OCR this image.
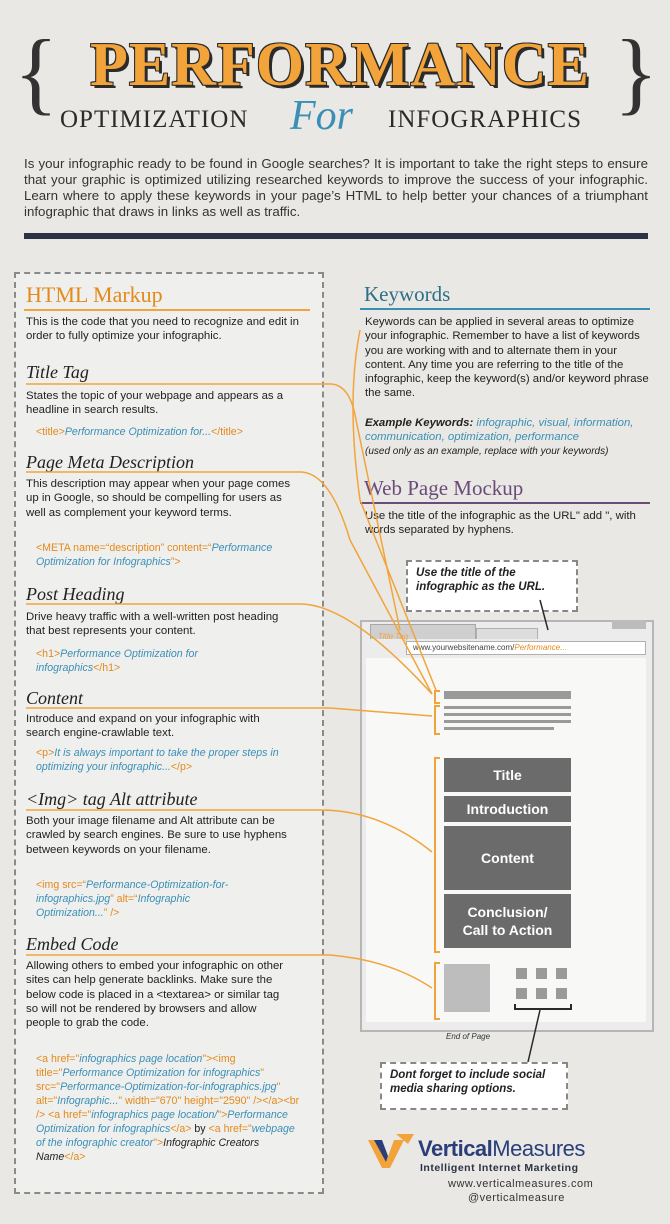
{	}
PERFORMANCE
OPTIMIZATION For INFOGRAPHICS
Is your infographic ready to be found in Google searches? It is important to take the right steps to ensure that your graphic is optimized utilizing researched keywords to improve the success of your infographic. Learn where to apply these keywords in your page’s HTML to help better your chances of a triumphant infographic that draws in links as well as traffic.
HTML Markup
This is the code that you need to recognize and edit in order to fully optimize your infographic.
Title Tag
States the topic of your webpage and appears as a headline in search results.
<title>Performance Optimization for...</title>
Page Meta Description
This description may appear when your page comes up in Google, so should be compelling for users as well as complement your keyword terms.
<META name=“description” content=“Performance Optimization for Infographics”>
Post Heading
Drive heavy traffic with a well-written post heading that best represents your content.
<h1>Performance Optimization for infographics</h1>
Content
Introduce and expand on your infographic with search engine-crawlable text.
<p>It is always important to take the proper steps in optimizing your infographic...</p>
<Img> tag Alt attribute
Both your image filename and Alt attribute can be crawled by search engines. Be sure to use hyphens between keywords on your filename.
<img src=“Performance-Optimization-for-infographics.jpg” alt=“Infographic Optimization...” />
Embed Code
Allowing others to embed your infographic on other sites can help generate backlinks. Make sure the below code is placed in a <textarea> or similar tag so will not be rendered by browsers and allow people to grab the code.
<a href="infographics page location"><img title="Performance Optimization for infographics" src="Performance-Optimization-for-infographics.jpg" alt="Infographic..." width="670" height="2590" /></a><br /> <a href="infographics page location/">Performance Optimization for infographics</a> by <a href="webpage of the infographic creator">Infographic Creators Name</a>
Keywords
Keywords can be applied in several areas to optimize your infographic. Remember to have a list of keywords you are working with and to alternate them in your content. Any time you are referring to the title of the infographic, keep the keyword(s) and/or keyword phrase the same.
Example Keywords: infographic, visual, information, communication, optimization, performance
(used only as an example, replace with your keywords)
Web Page Mockup
Use the title of the infographic as the URL" add ", with words separated by hyphens.
Use the title of the infographic as the URL.
Title Tag
www.yourwebsitename.com/Performance...
Title
Introduction
Content
Conclusion/ Call to Action
End of Page
Dont forget to include social media sharing options.
VerticalMeasures
Intelligent Internet Marketing
www.verticalmeasures.com
@verticalmeasure
